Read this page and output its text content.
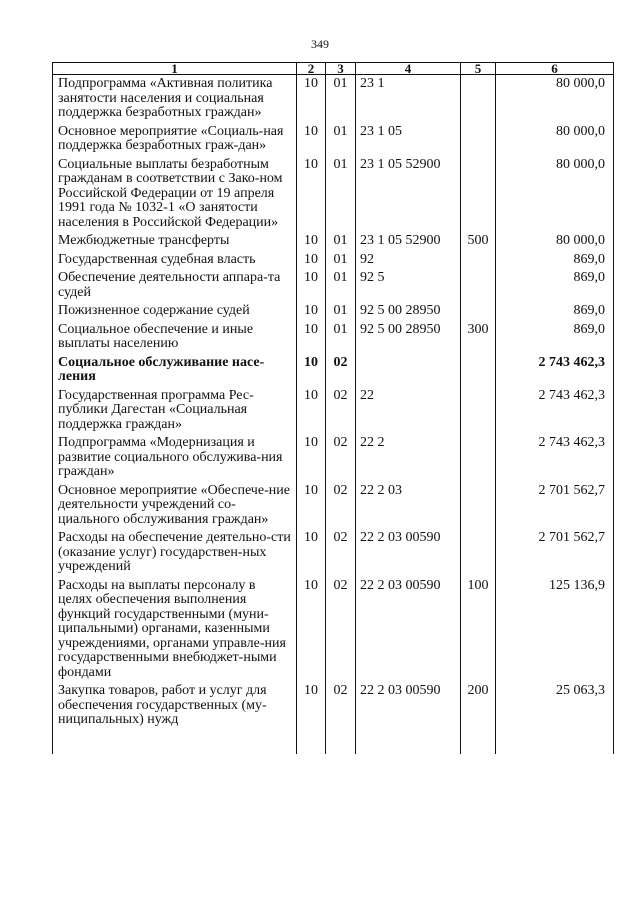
349
1	2	3	4	5	6
Подпрограмма «Активная политика занятости населения и социальная поддержка безработных граждан»	10	01	23 1		80 000,0
Основное мероприятие «Социаль-ная поддержка безработных граж-дан»	10	01	23 1 05		80 000,0
Социальные выплаты безработным гражданам в соответствии с Зако-ном Российской Федерации от 19 апреля 1991 года № 1032-1 «О занятости населения в Российской Федерации»	10	01	23 1 05 52900		80 000,0
Межбюджетные трансферты	10	01	23 1 05 52900	500	80 000,0
Государственная судебная власть	10	01	92		869,0
Обеспечение деятельности аппара-та судей	10	01	92 5		869,0
Пожизненное содержание судей	10	01	92 5 00 28950		869,0
Социальное обеспечение и иные выплаты населению	10	01	92 5 00 28950	300	869,0
Социальное обслуживание насе-ления	10	02			2 743 462,3
Государственная программа Рес-публики Дагестан «Социальная поддержка граждан»	10	02	22		2 743 462,3
Подпрограмма «Модернизация и развитие социального обслужива-ния граждан»	10	02	22 2		2 743 462,3
Основное мероприятие «Обеспече-ние деятельности учреждений со-циального обслуживания граждан»	10	02	22 2 03		2 701 562,7
Расходы на обеспечение деятельно-сти (оказание услуг) государствен-ных учреждений	10	02	22 2 03 00590		2 701 562,7
Расходы на выплаты персоналу в целях обеспечения выполнения функций государственными (муни-ципальными) органами, казенными учреждениями, органами управле-ния государственными внебюджет-ными фондами	10	02	22 2 03 00590	100	125 136,9
Закупка товаров, работ и услуг для обеспечения государственных (му-ниципальных) нужд	10	02	22 2 03 00590	200	25 063,3
